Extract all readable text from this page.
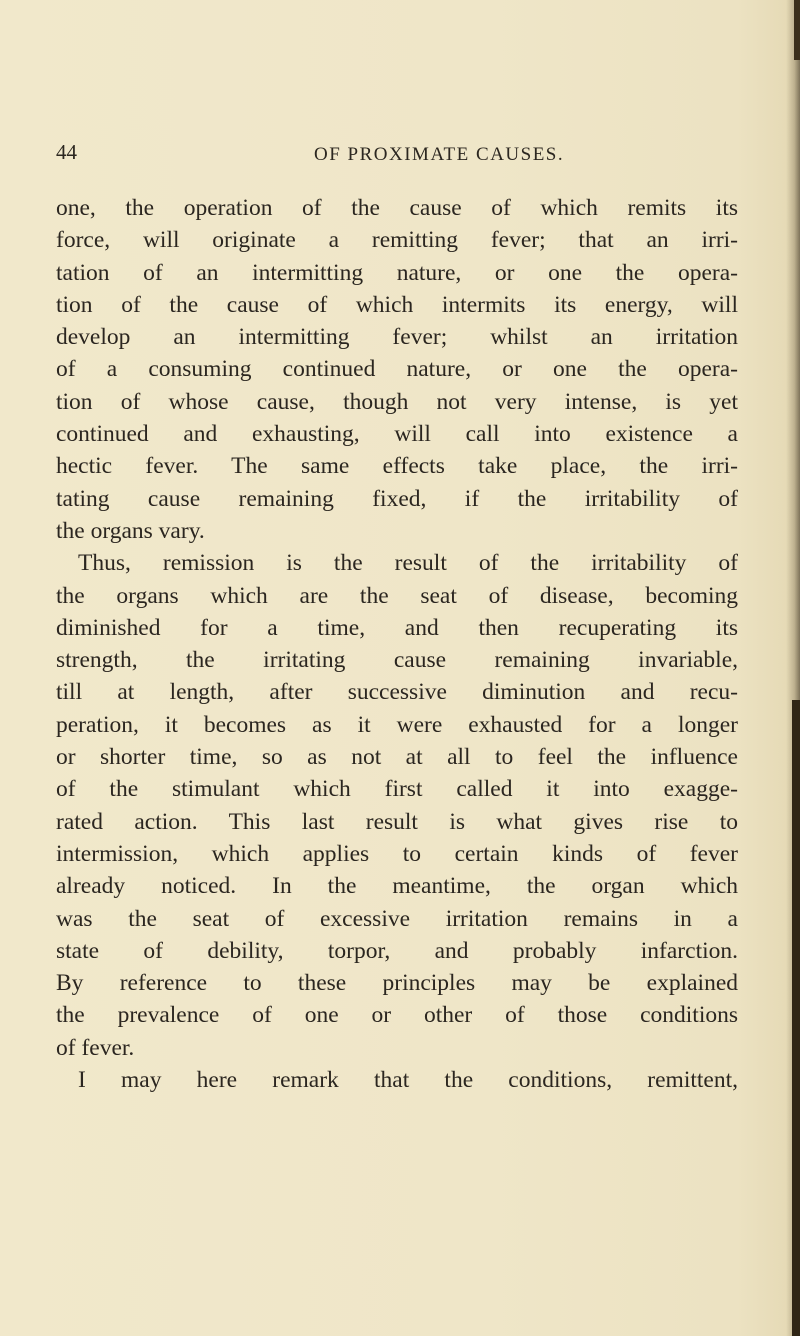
44	OF PROXIMATE CAUSES.
one, the operation of the cause of which remits its
force, will originate a remitting fever; that an irri-
tation of an intermitting nature, or one the opera-
tion of the cause of which intermits its energy, will
develop an intermitting fever; whilst an irritation
of a consuming continued nature, or one the opera-
tion of whose cause, though not very intense, is yet
continued and exhausting, will call into existence a
hectic fever. The same effects take place, the irri-
tating cause remaining fixed, if the irritability of
the organs vary.
Thus, remission is the result of the irritability of
the organs which are the seat of disease, becoming
diminished for a time, and then recuperating its
strength, the irritating cause remaining invariable,
till at length, after successive diminution and recu-
peration, it becomes as it were exhausted for a longer
or shorter time, so as not at all to feel the influence
of the stimulant which first called it into exagge-
rated action. This last result is what gives rise to
intermission, which applies to certain kinds of fever
already noticed. In the meantime, the organ which
was the seat of excessive irritation remains in a
state of debility, torpor, and probably infarction.
By reference to these principles may be explained
the prevalence of one or other of those conditions
of fever.
I may here remark that the conditions, remittent,
